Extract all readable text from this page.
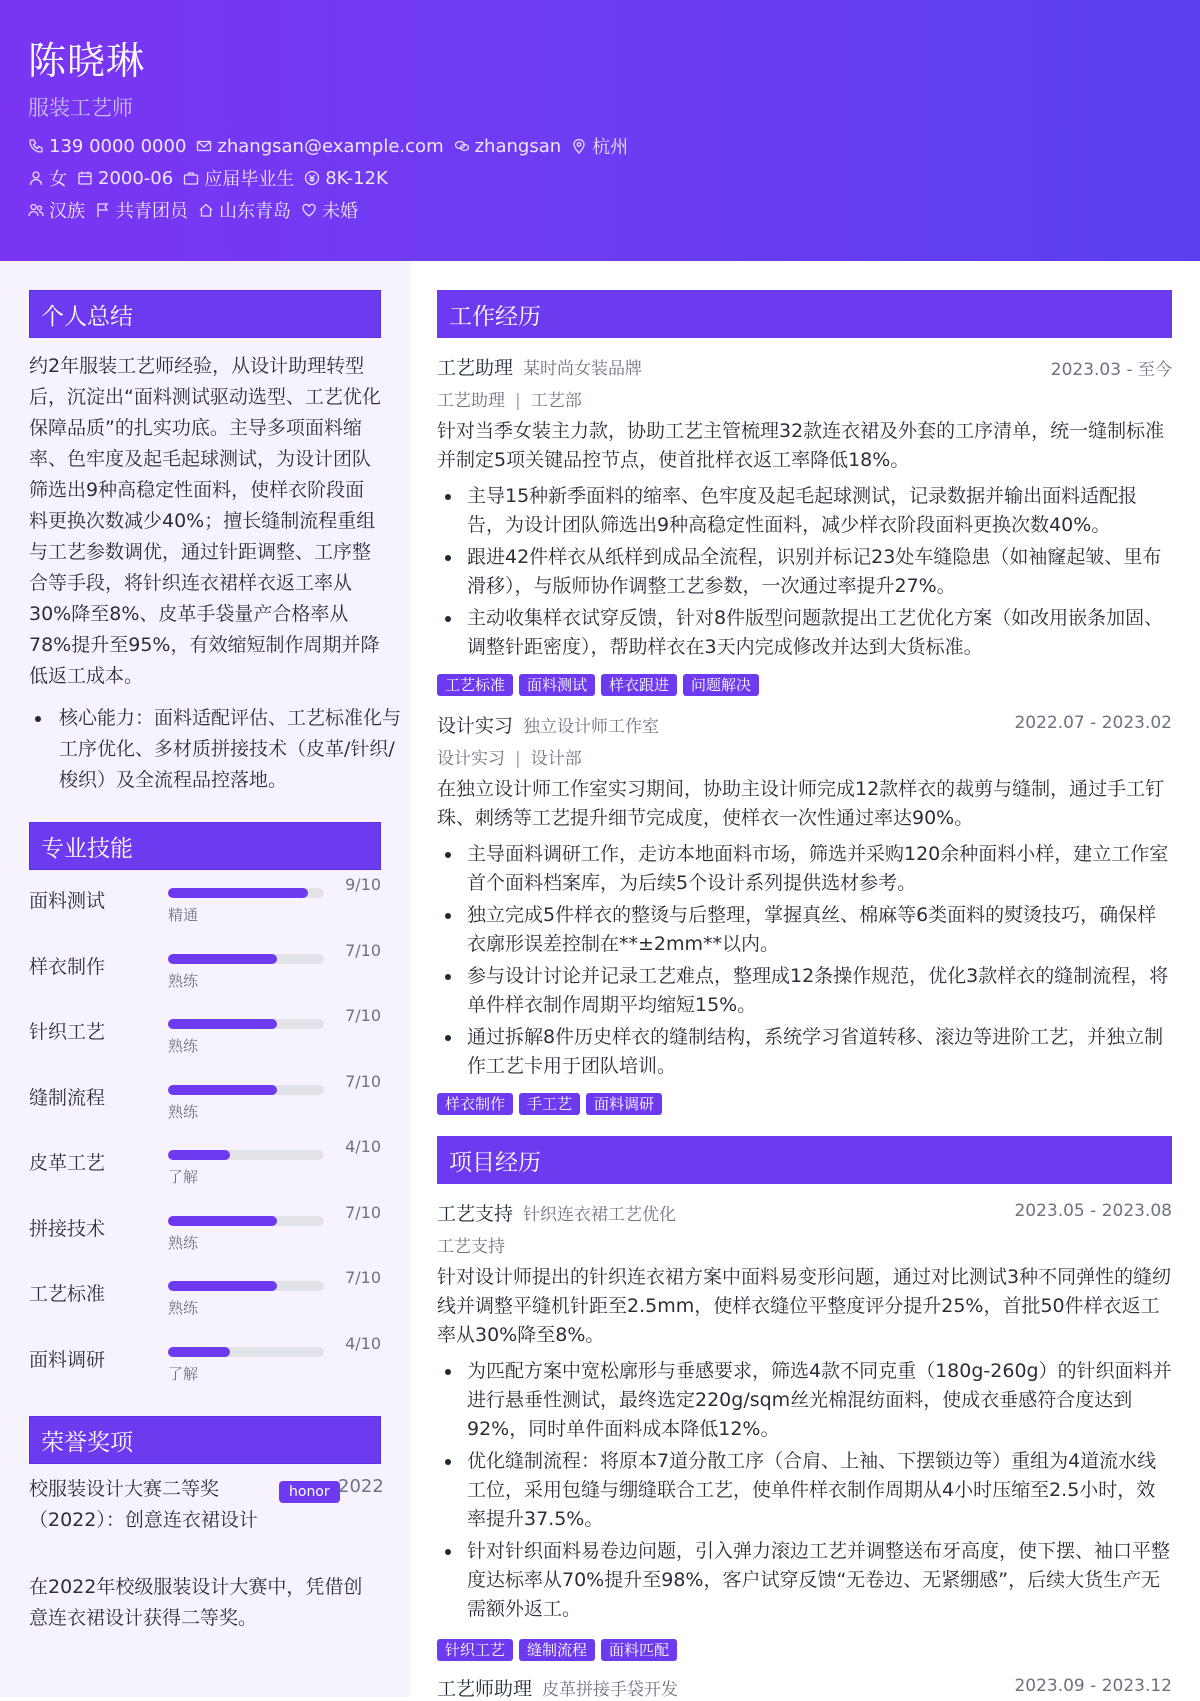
陈晓琳
服装工艺师
139 0000 0000 zhangsan@example.com zhangsan 杭州
女 2000-06 应届毕业生 8K-12K
汉族 共青团员 山东青岛 未婚
个人总结
约2年服装工艺师经验，从设计助理转型后，沉淀出“面料测试驱动选型、工艺优化保障品质”的扎实功底。主导多项面料缩率、色牢度及起毛起球测试，为设计团队筛选出9种高稳定性面料，使样衣阶段面料更换次数减少40%；擅长缝制流程重组与工艺参数调优，通过针距调整、工序整合等手段，将针织连衣裙样衣返工率从30%降至8%、皮革手袋量产合格率从78%提升至95%，有效缩短制作周期并降低返工成本。
核心能力：面料适配评估、工艺标准化与工序优化、多材质拼接技术（皮革/针织/梭织）及全流程品控落地。
专业技能
面料测试
9/10
精通
样衣制作
7/10
熟练
针织工艺
7/10
熟练
缝制流程
7/10
熟练
皮革工艺
4/10
了解
拼接技术
7/10
熟练
工艺标准
7/10
熟练
面料调研
4/10
了解
荣誉奖项
校服装设计大赛二等奖（2022）：创意连衣裙设计
honor 2022
在2022年校级服装设计大赛中，凭借创意连衣裙设计获得二等奖。
工作经历
工艺助理 某时尚女装品牌	2023.03 - 至今
工艺助理 | 工艺部
针对当季女装主力款，协助工艺主管梳理32款连衣裙及外套的工序清单，统一缝制标准并制定5项关键品控节点，使首批样衣返工率降低18%。
主导15种新季面料的缩率、色牢度及起毛起球测试，记录数据并输出面料适配报告，为设计团队筛选出9种高稳定性面料，减少样衣阶段面料更换次数40%。
跟进42件样衣从纸样到成品全流程，识别并标记23处车缝隐患（如袖窿起皱、里布滑移），与版师协作调整工艺参数，一次通过率提升27%。
主动收集样衣试穿反馈，针对8件版型问题款提出工艺优化方案（如改用嵌条加固、调整针距密度），帮助样衣在3天内完成修改并达到大货标准。
工艺标准	面料测试	样衣跟进	问题解决
设计实习 独立设计师工作室	2022.07 - 2023.02
设计实习 | 设计部
在独立设计师工作室实习期间，协助主设计师完成12款样衣的裁剪与缝制，通过手工钉珠、刺绣等工艺提升细节完成度，使样衣一次性通过率达90%。
主导面料调研工作，走访本地面料市场，筛选并采购120余种面料小样，建立工作室首个面料档案库，为后续5个设计系列提供选材参考。
独立完成5件样衣的整烫与后整理，掌握真丝、棉麻等6类面料的熨烫技巧，确保样衣廓形误差控制在**±2mm**以内。
参与设计讨论并记录工艺难点，整理成12条操作规范，优化3款样衣的缝制流程，将单件样衣制作周期平均缩短15%。
通过拆解8件历史样衣的缝制结构，系统学习省道转移、滚边等进阶工艺，并独立制作工艺卡用于团队培训。
样衣制作	手工艺	面料调研
项目经历
工艺支持 针织连衣裙工艺优化	2023.05 - 2023.08
工艺支持
针对设计师提出的针织连衣裙方案中面料易变形问题，通过对比测试3种不同弹性的缝纫线并调整平缝机针距至2.5mm，使样衣缝位平整度评分提升25%，首批50件样衣返工率从30%降至8%。
为匹配方案中宽松廓形与垂感要求，筛选4款不同克重（180g-260g）的针织面料并进行悬垂性测试，最终选定220g/sqm丝光棉混纺面料，使成衣垂感符合度达到92%，同时单件面料成本降低12%。
优化缝制流程：将原本7道分散工序（合肩、上袖、下摆锁边等）重组为4道流水线工位，采用包缝与绷缝联合工艺，使单件样衣制作周期从4小时压缩至2.5小时，效率提升37.5%。
针对针织面料易卷边问题，引入弹力滚边工艺并调整送布牙高度，使下摆、袖口平整度达标率从70%提升至98%，客户试穿反馈“无卷边、无紧绷感”，后续大货生产无需额外返工。
针织工艺	缝制流程	面料匹配
工艺师助理 皮革拼接手袋开发	2023.09 - 2023.12
